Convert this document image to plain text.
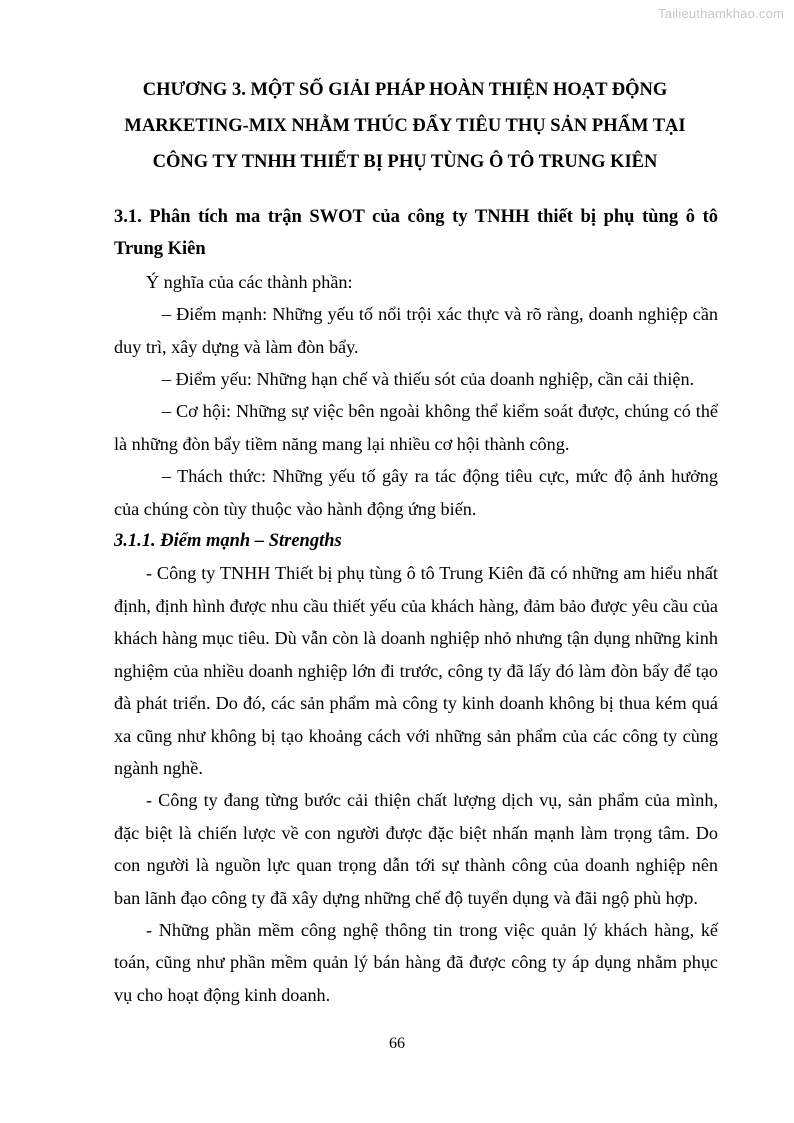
Tailieuthamkhao.com
CHƯƠNG 3. MỘT SỐ GIẢI PHÁP HOÀN THIỆN HOẠT ĐỘNG MARKETING-MIX NHẰM THÚC ĐẨY TIÊU THỤ SẢN PHẨM TẠI CÔNG TY TNHH THIẾT BỊ PHỤ TÙNG Ô TÔ TRUNG KIÊN

3.1. Phân tích ma trận SWOT của công ty TNHH thiết bị phụ tùng ô tô Trung Kiên

Ý nghĩa của các thành phần:

– Điểm mạnh: Những yếu tố nổi trội xác thực và rõ ràng, doanh nghiệp cần duy trì, xây dựng và làm đòn bẩy.

– Điểm yếu: Những hạn chế và thiếu sót của doanh nghiệp, cần cải thiện.

– Cơ hội: Những sự việc bên ngoài không thể kiểm soát được, chúng có thể là những đòn bẩy tiềm năng mang lại nhiều cơ hội thành công.

– Thách thức: Những yếu tố gây ra tác động tiêu cực, mức độ ảnh hưởng của chúng còn tùy thuộc vào hành động ứng biến.

3.1.1. Điểm mạnh – Strengths

- Công ty TNHH Thiết bị phụ tùng ô tô Trung Kiên đã có những am hiểu nhất định, định hình được nhu cầu thiết yếu của khách hàng, đảm bảo được yêu cầu của khách hàng mục tiêu. Dù vẫn còn là doanh nghiệp nhỏ nhưng tận dụng những kinh nghiệm của nhiều doanh nghiệp lớn đi trước, công ty đã lấy đó làm đòn bẩy để tạo đà phát triển. Do đó, các sản phẩm mà công ty kinh doanh không bị thua kém quá xa cũng như không bị tạo khoảng cách với những sản phẩm của các công ty cùng ngành nghề.

- Công ty đang từng bước cải thiện chất lượng dịch vụ, sản phẩm của mình, đặc biệt là chiến lược về con người được đặc biệt nhấn mạnh làm trọng tâm. Do con người là nguồn lực quan trọng dẫn tới sự thành công của doanh nghiệp nên ban lãnh đạo công ty đã xây dựng những chế độ tuyển dụng và đãi ngộ phù hợp.

- Những phần mềm công nghệ thông tin trong việc quản lý khách hàng, kế toán, cũng như phần mềm quản lý bán hàng đã được công ty áp dụng nhằm phục vụ cho hoạt động kinh doanh.

66
